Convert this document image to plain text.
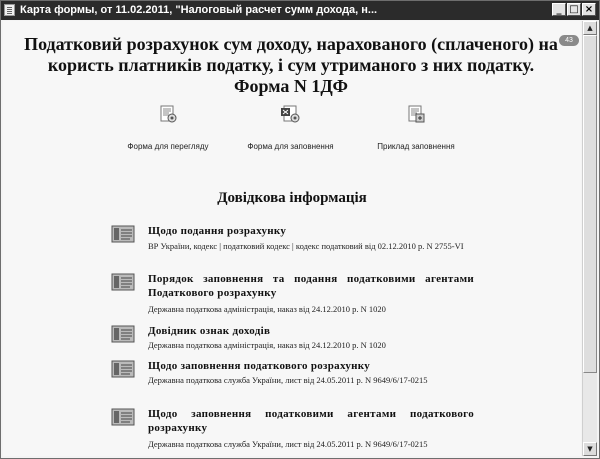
Карта формы, от 11.02.2011, "Налоговый расчет сумм дохода, н...	_ □ ×
43
Податковий розрахунок сум доходу, нарахованого (сплаченого) на користь платників податку, і сум утриманого з них податку. Форма N 1ДФ
Форма для перегляду	Форма для заповнення	Приклад заповнення
Довідкова інформація
Щодо подання розрахунку
ВР України, кодекс | податковий кодекс | кодекс податковий від 02.12.2010 р. N 2755-VI
Порядок заповнення та подання податковими агентами Податкового розрахунку
Державна податкова адміністрація, наказ від 24.12.2010 р. N 1020
Довідник ознак доходів
Державна податкова адміністрація, наказ від 24.12.2010 р. N 1020
Щодо заповнення податкового розрахунку
Державна податкова служба України, лист від 24.05.2011 р. N 9649/6/17-0215
Щодо заповнення податковими агентами податкового розрахунку
Державна податкова служба України, лист від 24.05.2011 р. N 9649/6/17-0215
▲
▼
